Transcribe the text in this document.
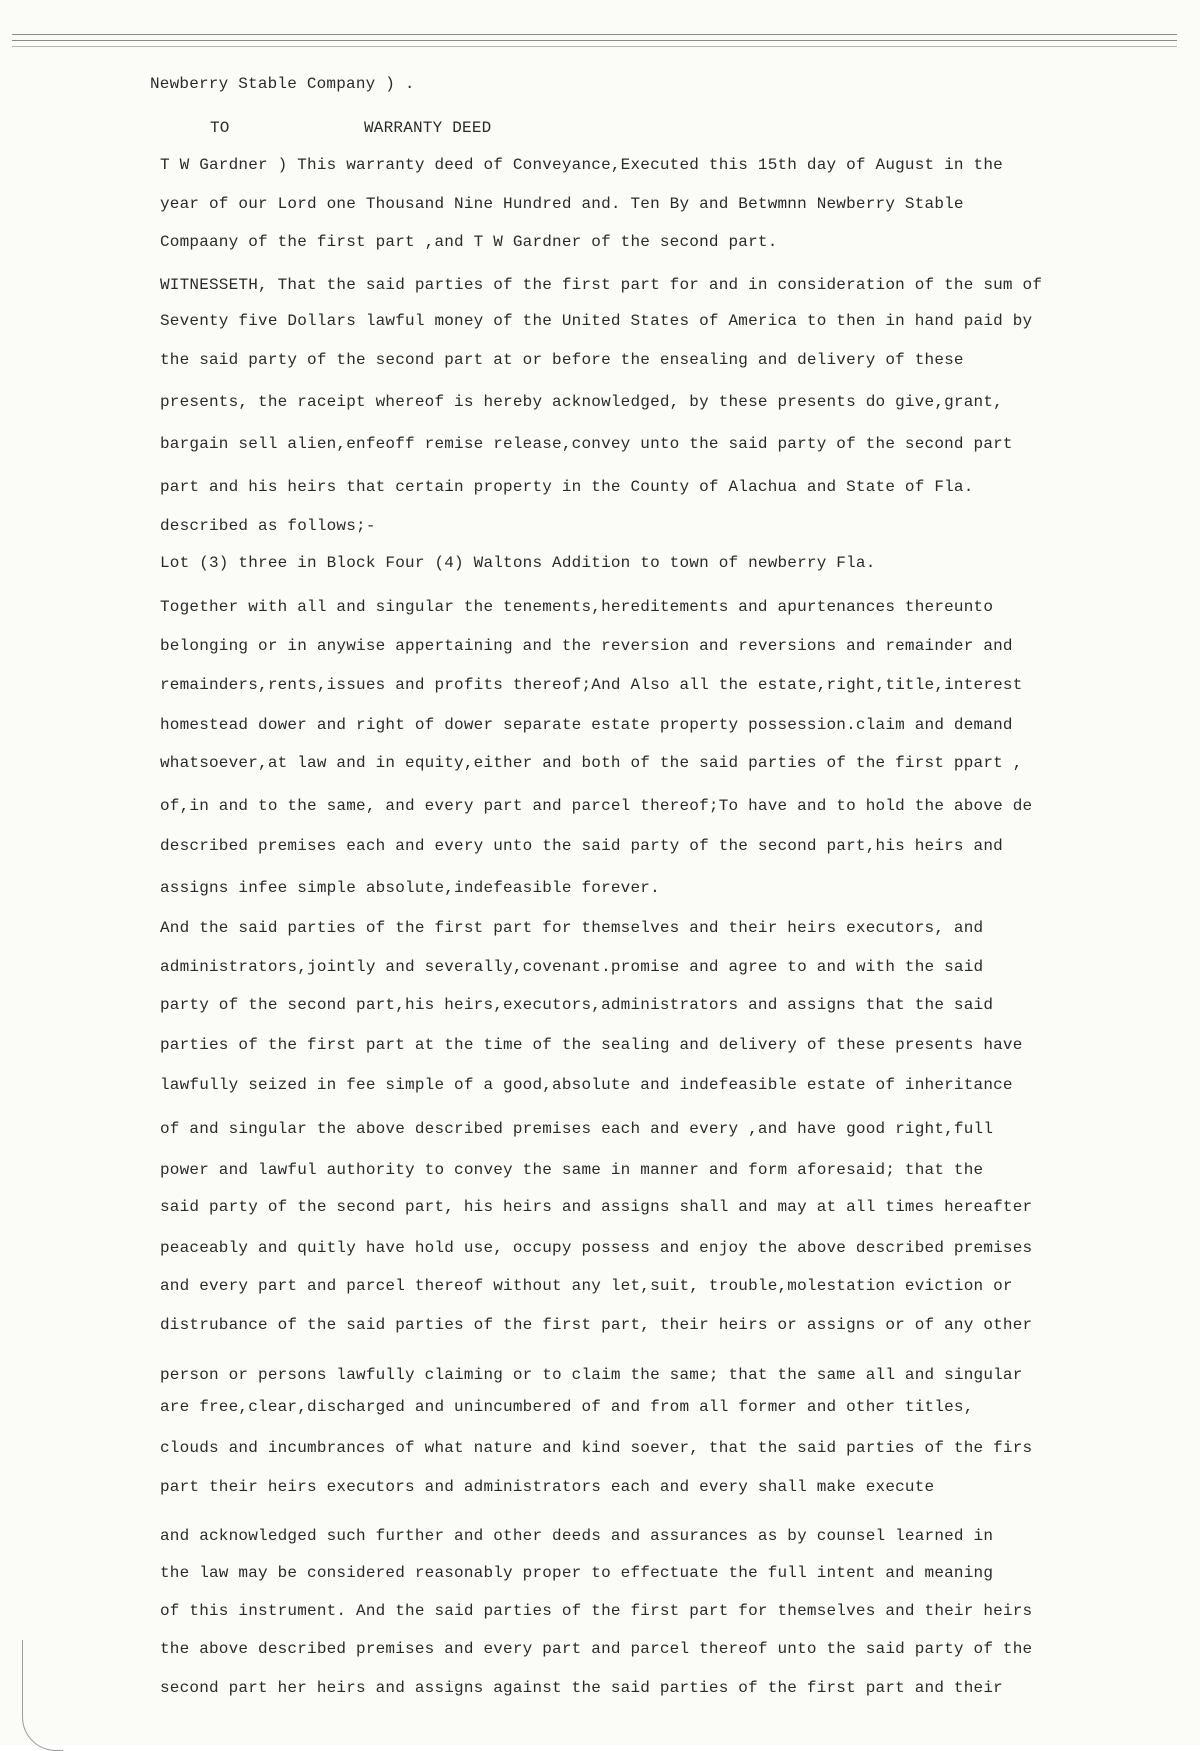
Newberry Stable Company ) .
TO	WARRANTY DEED
T W Gardner ) This warranty deed of Conveyance,Executed this 15th day of August in the
year of our Lord one Thousand Nine Hundred and. Ten By and Betwmnn Newberry Stable
Compaany of the first part ,and T W Gardner of the second part.
WITNESSETH, That the said parties of the first part for and in consideration of the sum of
Seventy five Dollars lawful money of the United States of America to then in hand paid by
the said party of the second part at or before the ensealing and delivery of these
presents, the raceipt whereof is hereby acknowledged, by these presents do give,grant,
bargain sell alien,enfeoff remise release,convey unto the said party of the second part
part and his heirs that certain property in the County of Alachua and State of Fla.
described as follows;-
Lot (3) three in Block Four (4) Waltons Addition to town of newberry Fla.
Together with all and singular the tenements,hereditements and apurtenances thereunto
belonging or in anywise appertaining and the reversion and reversions and remainder and
remainders,rents,issues and profits thereof;And Also all the estate,right,title,interest
homestead dower and right of dower separate estate property possession.claim and demand
whatsoever,at law and in equity,either and both of the said parties of the first ppart ,
of,in and to the same, and every part and parcel thereof;To have and to hold the above de
described premises each and every unto the said party of the second part,his heirs and
assigns infee simple absolute,indefeasible forever.
And the said parties of the first part for themselves and their heirs executors, and
administrators,jointly and severally,covenant.promise and agree to and with the said
party of the second part,his heirs,executors,administrators and assigns that the said
parties of the first part at the time of the sealing and delivery of these presents have
lawfully seized in fee simple of a good,absolute and indefeasible estate of inheritance
of and singular the above described premises each and every ,and have good right,full
power and lawful authority to convey the same in manner and form aforesaid; that the
said party of the second part, his heirs and assigns shall and may at all times hereafter
peaceably and quitly have hold use, occupy possess and enjoy the above described premises
and every part and parcel thereof without any let,suit, trouble,molestation eviction or
distrubance of the said parties of the first part, their heirs or assigns or of any other
person or persons lawfully claiming or to claim the same; that the same all and singular
are free,clear,discharged and unincumbered of and from all former and other titles,
clouds and incumbrances of what nature and kind soever, that the said parties of the firs
part their heirs executors and administrators each and every shall make execute
and acknowledged such further and other deeds and assurances as by counsel learned in
the law may be considered reasonably proper to effectuate the full intent and meaning
of this instrument. And the said parties of the first part for themselves and their heirs
the above described premises and every part and parcel thereof unto the said party of the
second part her heirs and assigns against the said parties of the first part and their
